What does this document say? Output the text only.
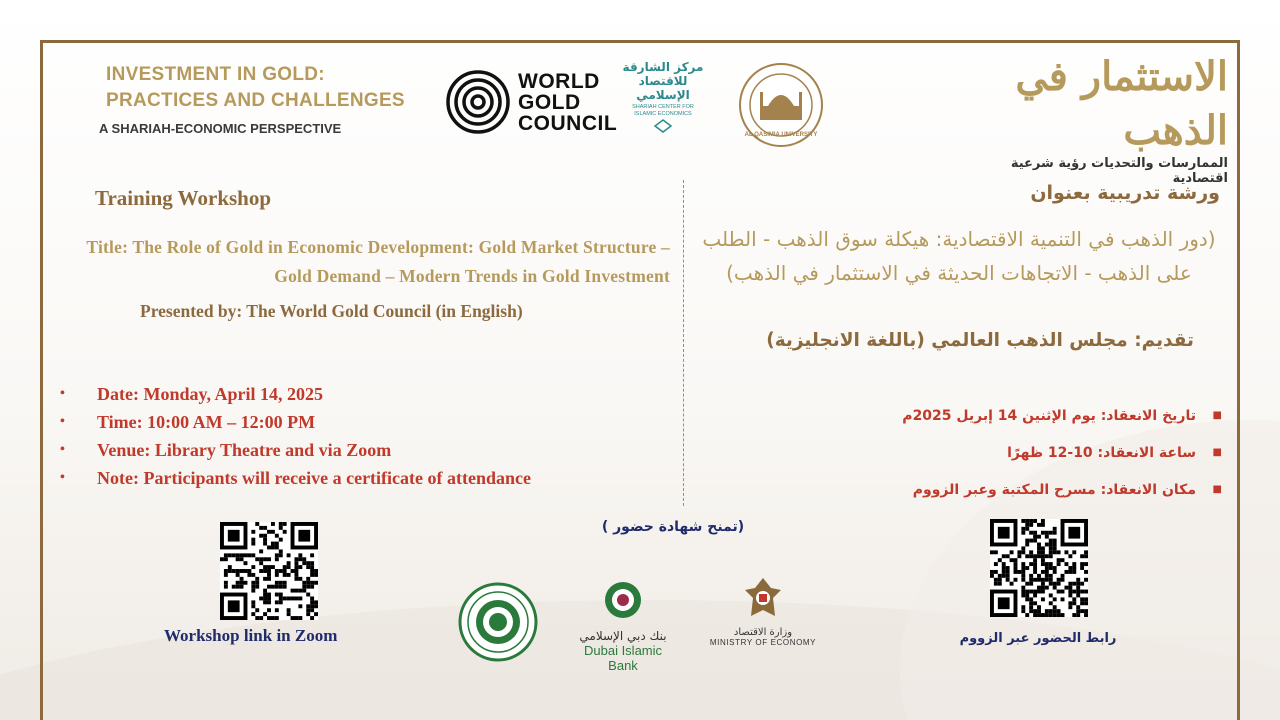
INVESTMENT IN GOLD: PRACTICES AND CHALLENGES
A SHARIAH-ECONOMIC PERSPECTIVE
WORLD
GOLD
COUNCIL
مركز الشارقة للاقتصاد الإسلامي
SHARIAH CENTER FOR ISLAMIC ECONOMICS
AL QASIMIA UNIVERSITY
الاستثمار في الذهب
الممارسات والتحديات رؤية شرعية اقتصادية
Training Workshop
Title: The Role of Gold in Economic Development: Gold Market Structure – Gold Demand – Modern Trends in Gold Investment
Presented by: The World Gold Council (in English)
• Date: Monday, April 14, 2025
• Time: 10:00 AM – 12:00 PM
• Venue: Library Theatre and via Zoom
• Note: Participants will receive a certificate of attendance
ورشة تدريبية بعنوان
(دور الذهب في التنمية الاقتصادية: هيكلة سوق الذهب - الطلب على الذهب - الاتجاهات الحديثة في الاستثمار في الذهب)
تقديم: مجلس الذهب العالمي (باللغة الانجليزية)
■
تاريخ الانعقاد: يوم الإثنين 14 إبريل 2025م
■
ساعة الانعقاد: 10-12 ظهرًا
■
مكان الانعقاد: مسرح المكتبة وعبر الزووم
Workshop link in Zoom
(تمنح شهادة حضور )
بنك دبي الإسلامي
Dubai Islamic Bank
وزارة الاقتصاد
MINISTRY OF ECONOMY	رابط الحضور عبر الزووم
